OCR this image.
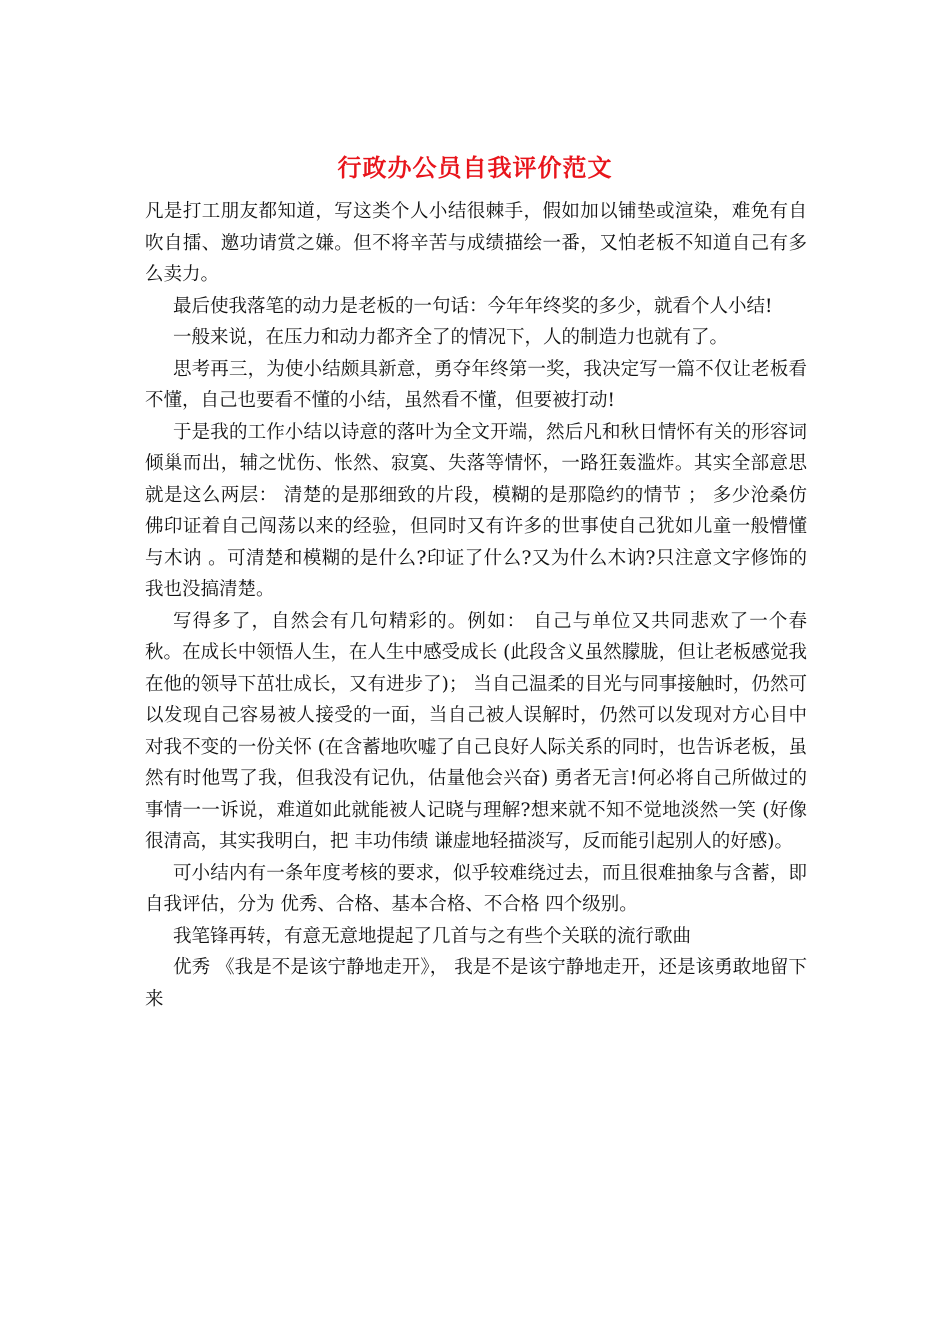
行政办公员自我评价范文

凡是打工朋友都知道，写这类个人小结很棘手，假如加以铺垫或渲染，难免有自吹自擂、邀功请赏之嫌。但不将辛苦与成绩描绘一番，又怕老板不知道自己有多么卖力。

最后使我落笔的动力是老板的一句话：今年年终奖的多少，就看个人小结!

一般来说，在压力和动力都齐全了的情况下，人的制造力也就有了。

思考再三，为使小结颇具新意，勇夺年终第一奖，我决定写一篇不仅让老板看不懂，自己也要看不懂的小结，虽然看不懂，但要被打动!

于是我的工作小结以诗意的落叶为全文开端，然后凡和秋日情怀有关的形容词倾巢而出，辅之忧伤、怅然、寂寞、失落等情怀，一路狂轰滥炸。其实全部意思就是这么两层： 清楚的是那细致的片段，模糊的是那隐约的情节 ； 多少沧桑仿佛印证着自己闯荡以来的经验，但同时又有许多的世事使自己犹如儿童一般懵懂与木讷 。可清楚和模糊的是什么?印证了什么?又为什么木讷?只注意文字修饰的我也没搞清楚。

写得多了，自然会有几句精彩的。例如： 自己与单位又共同悲欢了一个春秋。在成长中领悟人生，在人生中感受成长 (此段含义虽然朦胧，但让老板感觉我在他的领导下茁壮成长，又有进步了)； 当自己温柔的目光与同事接触时，仍然可以发现自己容易被人接受的一面，当自己被人误解时，仍然可以发现对方心目中对我不变的一份关怀 (在含蓄地吹嘘了自己良好人际关系的同时，也告诉老板，虽然有时他骂了我，但我没有记仇，估量他会兴奋) 勇者无言!何必将自己所做过的事情一一诉说，难道如此就能被人记晓与理解?想来就不知不觉地淡然一笑 (好像很清高，其实我明白，把 丰功伟绩 谦虚地轻描淡写，反而能引起别人的好感)。

可小结内有一条年度考核的要求，似乎较难绕过去，而且很难抽象与含蓄，即自我评估，分为 优秀、合格、基本合格、不合格 四个级别。

我笔锋再转，有意无意地提起了几首与之有些个关联的流行歌曲

优秀 《我是不是该宁静地走开》， 我是不是该宁静地走开，还是该勇敢地留下来
